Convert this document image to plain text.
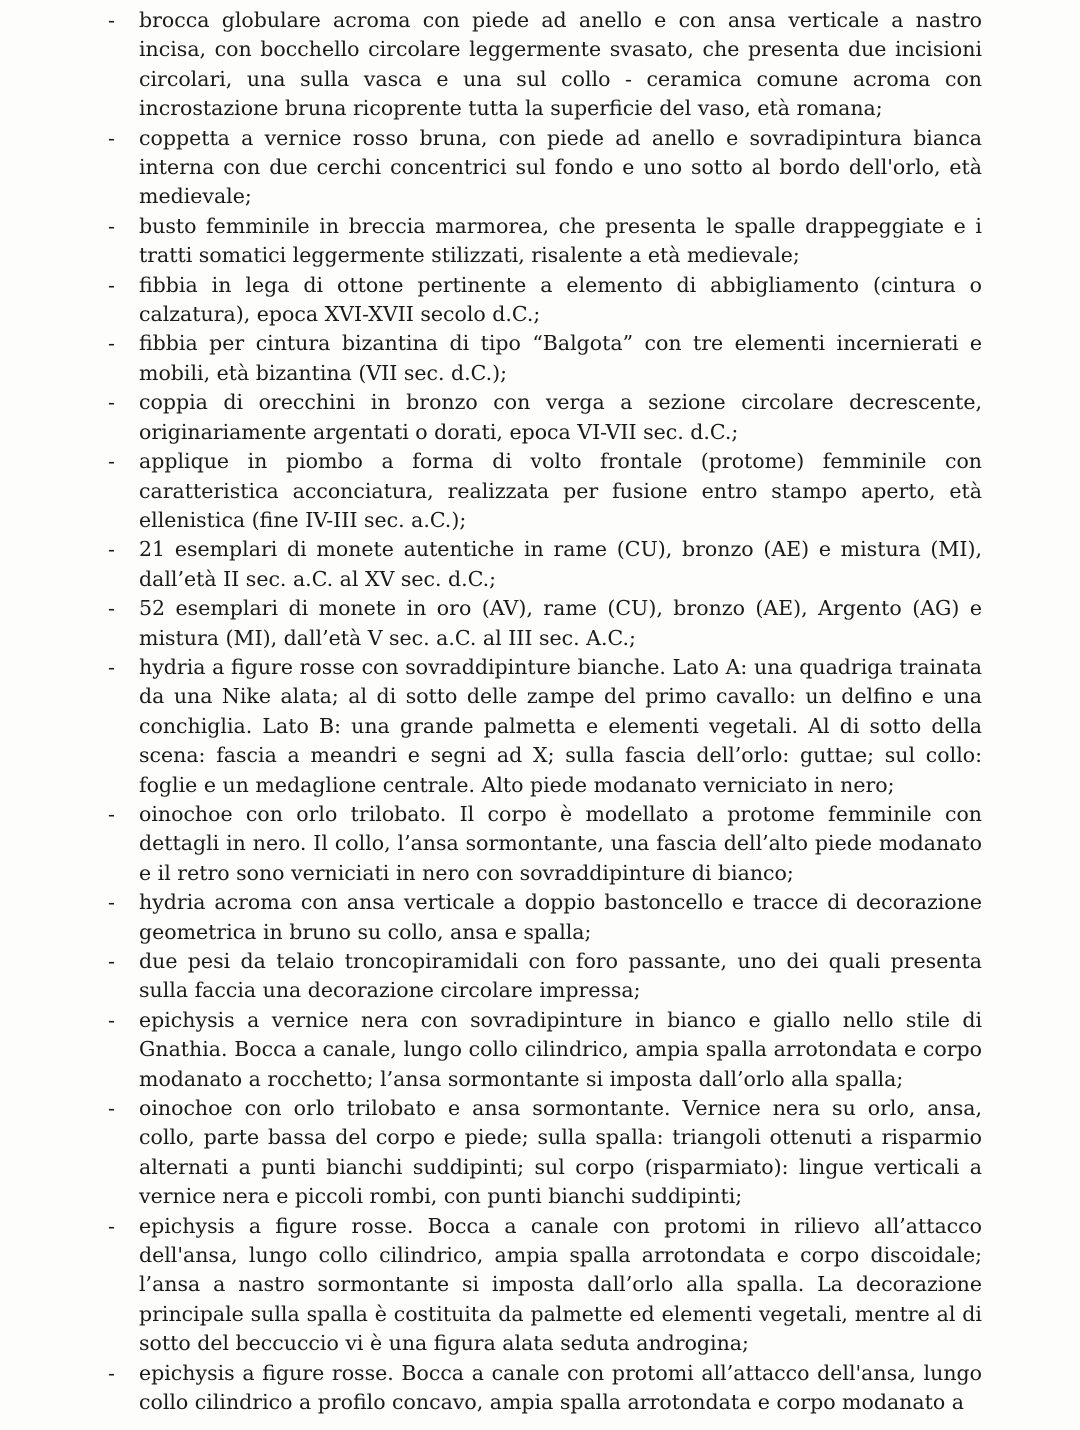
- brocca globulare acroma con piede ad anello e con ansa verticale a nastro incisa, con bocchello circolare leggermente svasato, che presenta due incisioni circolari, una sulla vasca e una sul collo - ceramica comune acroma con incrostazione bruna ricoprente tutta la superficie del vaso, età romana;
- coppetta a vernice rosso bruna, con piede ad anello e sovradipintura bianca interna con due cerchi concentrici sul fondo e uno sotto al bordo dell'orlo, età medievale;
- busto femminile in breccia marmorea, che presenta le spalle drappeggiate e i tratti somatici leggermente stilizzati, risalente a età medievale;
- fibbia in lega di ottone pertinente a elemento di abbigliamento (cintura o calzatura), epoca XVI-XVII secolo d.C.;
- fibbia per cintura bizantina di tipo “Balgota” con tre elementi incernierati e mobili, età bizantina (VII sec. d.C.);
- coppia di orecchini in bronzo con verga a sezione circolare decrescente, originariamente argentati o dorati, epoca VI-VII sec. d.C.;
- applique in piombo a forma di volto frontale (protome) femminile con caratteristica acconciatura, realizzata per fusione entro stampo aperto, età ellenistica (fine IV-III sec. a.C.);
- 21 esemplari di monete autentiche in rame (CU), bronzo (AE) e mistura (MI), dall’età II sec. a.C. al XV sec. d.C.;
- 52 esemplari di monete in oro (AV), rame (CU), bronzo (AE), Argento (AG) e mistura (MI), dall’età V sec. a.C. al III sec. A.C.;
- hydria a figure rosse con sovraddipinture bianche. Lato A: una quadriga trainata da una Nike alata; al di sotto delle zampe del primo cavallo: un delfino e una conchiglia. Lato B: una grande palmetta e elementi vegetali. Al di sotto della scena: fascia a meandri e segni ad X; sulla fascia dell’orlo: guttae; sul collo: foglie e un medaglione centrale. Alto piede modanato verniciato in nero;
- oinochoe con orlo trilobato. Il corpo è modellato a protome femminile con dettagli in nero. Il collo, l’ansa sormontante, una fascia dell’alto piede modanato e il retro sono verniciati in nero con sovraddipinture di bianco;
- hydria acroma con ansa verticale a doppio bastoncello e tracce di decorazione geometrica in bruno su collo, ansa e spalla;
- due pesi da telaio troncopiramidali con foro passante, uno dei quali presenta sulla faccia una decorazione circolare impressa;
- epichysis a vernice nera con sovradipinture in bianco e giallo nello stile di Gnathia. Bocca a canale, lungo collo cilindrico, ampia spalla arrotondata e corpo modanato a rocchetto; l’ansa sormontante si imposta dall’orlo alla spalla;
- oinochoe con orlo trilobato e ansa sormontante. Vernice nera su orlo, ansa, collo, parte bassa del corpo e piede; sulla spalla: triangoli ottenuti a risparmio alternati a punti bianchi suddipinti; sul corpo (risparmiato): lingue verticali a vernice nera e piccoli rombi, con punti bianchi suddipinti;
- epichysis a figure rosse. Bocca a canale con protomi in rilievo all’attacco dell'ansa, lungo collo cilindrico, ampia spalla arrotondata e corpo discoidale; l’ansa a nastro sormontante si imposta dall’orlo alla spalla. La decorazione principale sulla spalla è costituita da palmette ed elementi vegetali, mentre al di sotto del beccuccio vi è una figura alata seduta androgina;
- epichysis a figure rosse. Bocca a canale con protomi all’attacco dell'ansa, lungo collo cilindrico a profilo concavo, ampia spalla arrotondata e corpo modanato a
